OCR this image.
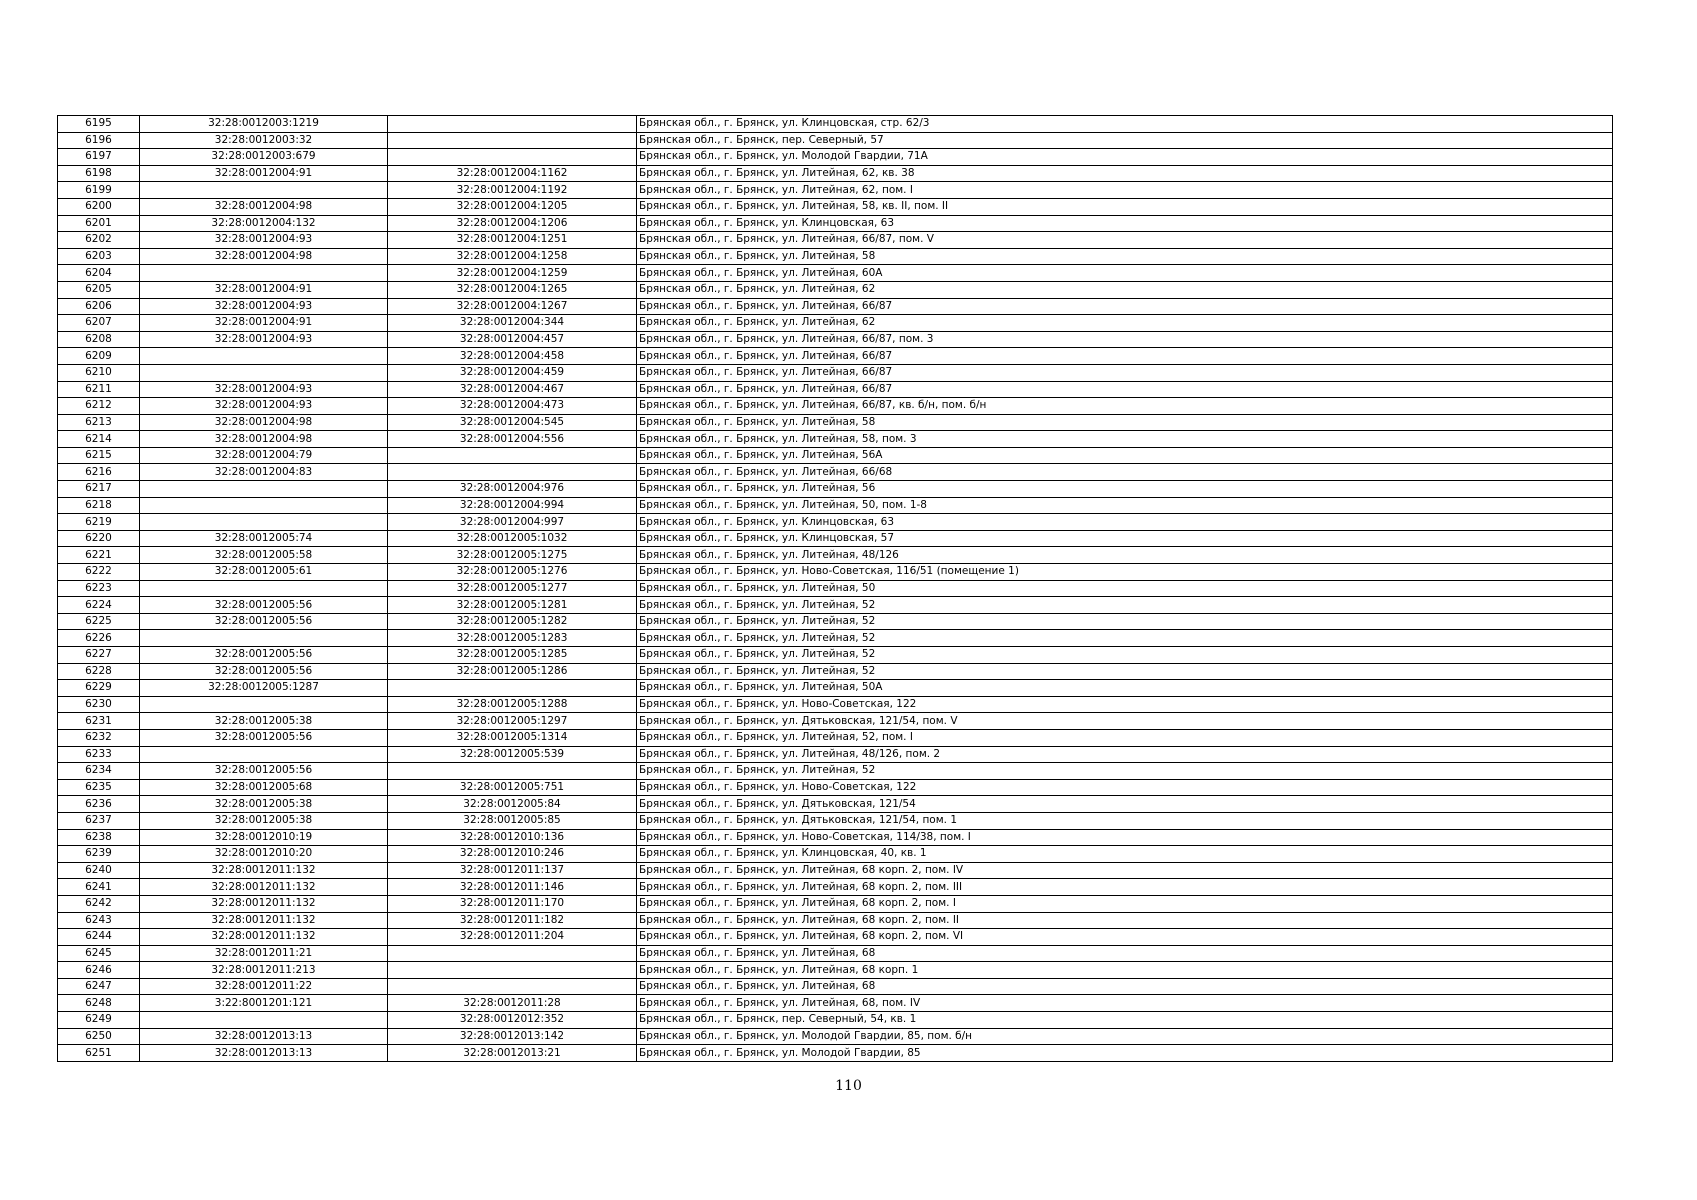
6195	32:28:0012003:1219		Брянская обл., г. Брянск, ул. Клинцовская, стр. 62/3
6196	32:28:0012003:32		Брянская обл., г. Брянск, пер. Северный, 57
6197	32:28:0012003:679		Брянская обл., г. Брянск, ул. Молодой Гвардии, 71А
6198	32:28:0012004:91	32:28:0012004:1162	Брянская обл., г. Брянск, ул. Литейная, 62, кв. 38
6199		32:28:0012004:1192	Брянская обл., г. Брянск, ул. Литейная, 62, пом. I
6200	32:28:0012004:98	32:28:0012004:1205	Брянская обл., г. Брянск, ул. Литейная, 58, кв. II, пом. II
6201	32:28:0012004:132	32:28:0012004:1206	Брянская обл., г. Брянск, ул. Клинцовская, 63
6202	32:28:0012004:93	32:28:0012004:1251	Брянская обл., г. Брянск, ул. Литейная, 66/87, пом. V
6203	32:28:0012004:98	32:28:0012004:1258	Брянская обл., г. Брянск, ул. Литейная, 58
6204		32:28:0012004:1259	Брянская обл., г. Брянск, ул. Литейная, 60А
6205	32:28:0012004:91	32:28:0012004:1265	Брянская обл., г. Брянск, ул. Литейная, 62
6206	32:28:0012004:93	32:28:0012004:1267	Брянская обл., г. Брянск, ул. Литейная, 66/87
6207	32:28:0012004:91	32:28:0012004:344	Брянская обл., г. Брянск, ул. Литейная, 62
6208	32:28:0012004:93	32:28:0012004:457	Брянская обл., г. Брянск, ул. Литейная, 66/87, пом. 3
6209		32:28:0012004:458	Брянская обл., г. Брянск, ул. Литейная, 66/87
6210		32:28:0012004:459	Брянская обл., г. Брянск, ул. Литейная, 66/87
6211	32:28:0012004:93	32:28:0012004:467	Брянская обл., г. Брянск, ул. Литейная, 66/87
6212	32:28:0012004:93	32:28:0012004:473	Брянская обл., г. Брянск, ул. Литейная, 66/87, кв. б/н, пом. б/н
6213	32:28:0012004:98	32:28:0012004:545	Брянская обл., г. Брянск, ул. Литейная, 58
6214	32:28:0012004:98	32:28:0012004:556	Брянская обл., г. Брянск, ул. Литейная, 58, пом. 3
6215	32:28:0012004:79		Брянская обл., г. Брянск, ул. Литейная, 56А
6216	32:28:0012004:83		Брянская обл., г. Брянск, ул. Литейная, 66/68
6217		32:28:0012004:976	Брянская обл., г. Брянск, ул. Литейная, 56
6218		32:28:0012004:994	Брянская обл., г. Брянск, ул. Литейная, 50, пом. 1-8
6219		32:28:0012004:997	Брянская обл., г. Брянск, ул. Клинцовская, 63
6220	32:28:0012005:74	32:28:0012005:1032	Брянская обл., г. Брянск, ул. Клинцовская, 57
6221	32:28:0012005:58	32:28:0012005:1275	Брянская обл., г. Брянск, ул. Литейная, 48/126
6222	32:28:0012005:61	32:28:0012005:1276	Брянская обл., г. Брянск, ул. Ново-Советская, 116/51 (помещение 1)
6223		32:28:0012005:1277	Брянская обл., г. Брянск, ул. Литейная, 50
6224	32:28:0012005:56	32:28:0012005:1281	Брянская обл., г. Брянск, ул. Литейная, 52
6225	32:28:0012005:56	32:28:0012005:1282	Брянская обл., г. Брянск, ул. Литейная, 52
6226		32:28:0012005:1283	Брянская обл., г. Брянск, ул. Литейная, 52
6227	32:28:0012005:56	32:28:0012005:1285	Брянская обл., г. Брянск, ул. Литейная, 52
6228	32:28:0012005:56	32:28:0012005:1286	Брянская обл., г. Брянск, ул. Литейная, 52
6229	32:28:0012005:1287		Брянская обл., г. Брянск, ул. Литейная, 50А
6230		32:28:0012005:1288	Брянская обл., г. Брянск, ул. Ново-Советская, 122
6231	32:28:0012005:38	32:28:0012005:1297	Брянская обл., г. Брянск, ул. Дятьковская, 121/54, пом. V
6232	32:28:0012005:56	32:28:0012005:1314	Брянская обл., г. Брянск, ул. Литейная, 52, пом. I
6233		32:28:0012005:539	Брянская обл., г. Брянск, ул. Литейная, 48/126, пом. 2
6234	32:28:0012005:56		Брянская обл., г. Брянск, ул. Литейная, 52
6235	32:28:0012005:68	32:28:0012005:751	Брянская обл., г. Брянск, ул. Ново-Советская, 122
6236	32:28:0012005:38	32:28:0012005:84	Брянская обл., г. Брянск, ул. Дятьковская, 121/54
6237	32:28:0012005:38	32:28:0012005:85	Брянская обл., г. Брянск, ул. Дятьковская, 121/54, пом. 1
6238	32:28:0012010:19	32:28:0012010:136	Брянская обл., г. Брянск, ул. Ново-Советская, 114/38, пом. I
6239	32:28:0012010:20	32:28:0012010:246	Брянская обл., г. Брянск, ул. Клинцовская, 40, кв. 1
6240	32:28:0012011:132	32:28:0012011:137	Брянская обл., г. Брянск, ул. Литейная, 68 корп. 2, пом. IV
6241	32:28:0012011:132	32:28:0012011:146	Брянская обл., г. Брянск, ул. Литейная, 68 корп. 2, пом. III
6242	32:28:0012011:132	32:28:0012011:170	Брянская обл., г. Брянск, ул. Литейная, 68 корп. 2, пом. I
6243	32:28:0012011:132	32:28:0012011:182	Брянская обл., г. Брянск, ул. Литейная, 68 корп. 2, пом. II
6244	32:28:0012011:132	32:28:0012011:204	Брянская обл., г. Брянск, ул. Литейная, 68 корп. 2, пом. VI
6245	32:28:0012011:21		Брянская обл., г. Брянск, ул. Литейная, 68
6246	32:28:0012011:213		Брянская обл., г. Брянск, ул. Литейная, 68 корп. 1
6247	32:28:0012011:22		Брянская обл., г. Брянск, ул. Литейная, 68
6248	3:22:8001201:121	32:28:0012011:28	Брянская обл., г. Брянск, ул. Литейная, 68, пом. IV
6249		32:28:0012012:352	Брянская обл., г. Брянск, пер. Северный, 54, кв. 1
6250	32:28:0012013:13	32:28:0012013:142	Брянская обл., г. Брянск, ул. Молодой Гвардии, 85, пом. б/н
6251	32:28:0012013:13	32:28:0012013:21	Брянская обл., г. Брянск, ул. Молодой Гвардии, 85
110
